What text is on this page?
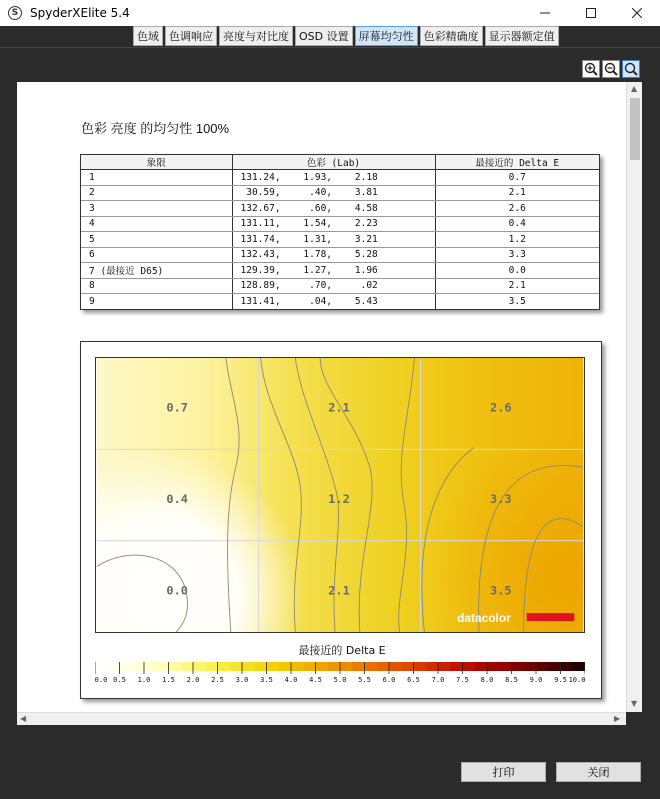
S SpyderXElite 5.4
色域 色调响应 亮度与对比度 OSD 设置 屏幕均匀性 色彩精确度 显示器额定值
色彩 亮度 的均匀性 100%
象限	色彩 (Lab)	最接近的 Delta E
1	131.24,    1.93,    2.18	0.7
2	30.59,     .40,    3.81	2.1
3	132.67,     .60,    4.58	2.6
4	131.11,    1.54,    2.23	0.4
5	131.74,    1.31,    3.21	1.2
6	132.43,    1.78,    5.28	3.3
7 (最接近 D65)	129.39,    1.27,    1.96	0.0
8	128.89,     .70,     .02	2.1
9	131.41,     .04,    5.43	3.5
0.7	2.1	2.6
0.4	1.2	3.3
0.0	2.1	3.5
datacolor
最接近的 Delta E
0.0 0.5 1.0 1.5 2.0 2.5 3.0 3.5 4.0 4.5 5.0 5.5 6.0 6.5 7.0 7.5 8.0 8.5 9.0 9.5 10.0
▲
▼
◀	▶
打印	关闭
